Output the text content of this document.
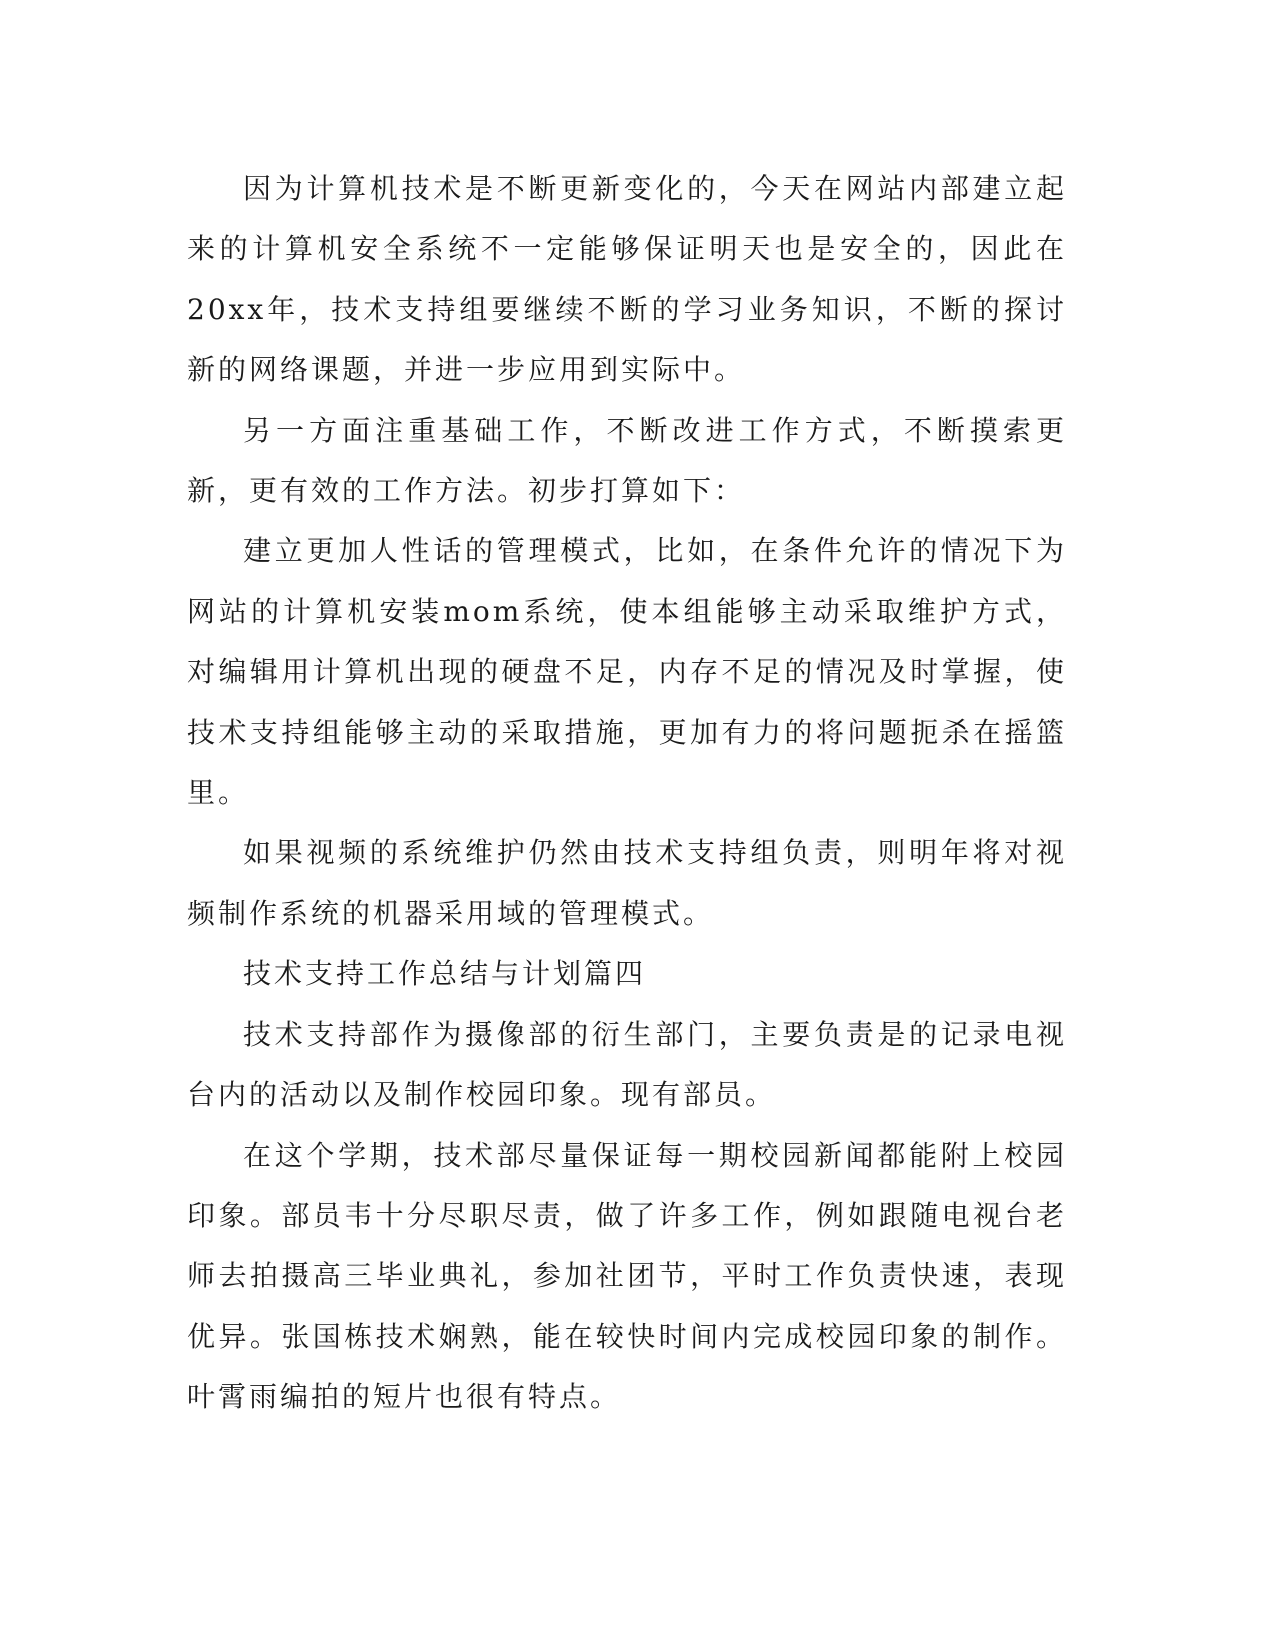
因为计算机技术是不断更新变化的，今天在网站内部建立起来的计算机安全系统不一定能够保证明天也是安全的，因此在20xx年，技术支持组要继续不断的学习业务知识，不断的探讨新的网络课题，并进一步应用到实际中。

另一方面注重基础工作，不断改进工作方式，不断摸索更新，更有效的工作方法。初步打算如下：

建立更加人性话的管理模式，比如，在条件允许的情况下为网站的计算机安装mom系统，使本组能够主动采取维护方式，对编辑用计算机出现的硬盘不足，内存不足的情况及时掌握，使技术支持组能够主动的采取措施，更加有力的将问题扼杀在摇篮里。

如果视频的系统维护仍然由技术支持组负责，则明年将对视频制作系统的机器采用域的管理模式。

技术支持工作总结与计划篇四

技术支持部作为摄像部的衍生部门，主要负责是的记录电视台内的活动以及制作校园印象。现有部员。

在这个学期，技术部尽量保证每一期校园新闻都能附上校园印象。部员韦十分尽职尽责，做了许多工作，例如跟随电视台老师去拍摄高三毕业典礼，参加社团节，平时工作负责快速，表现优异。张国栋技术娴熟，能在较快时间内完成校园印象的制作。叶霄雨编拍的短片也很有特点。
